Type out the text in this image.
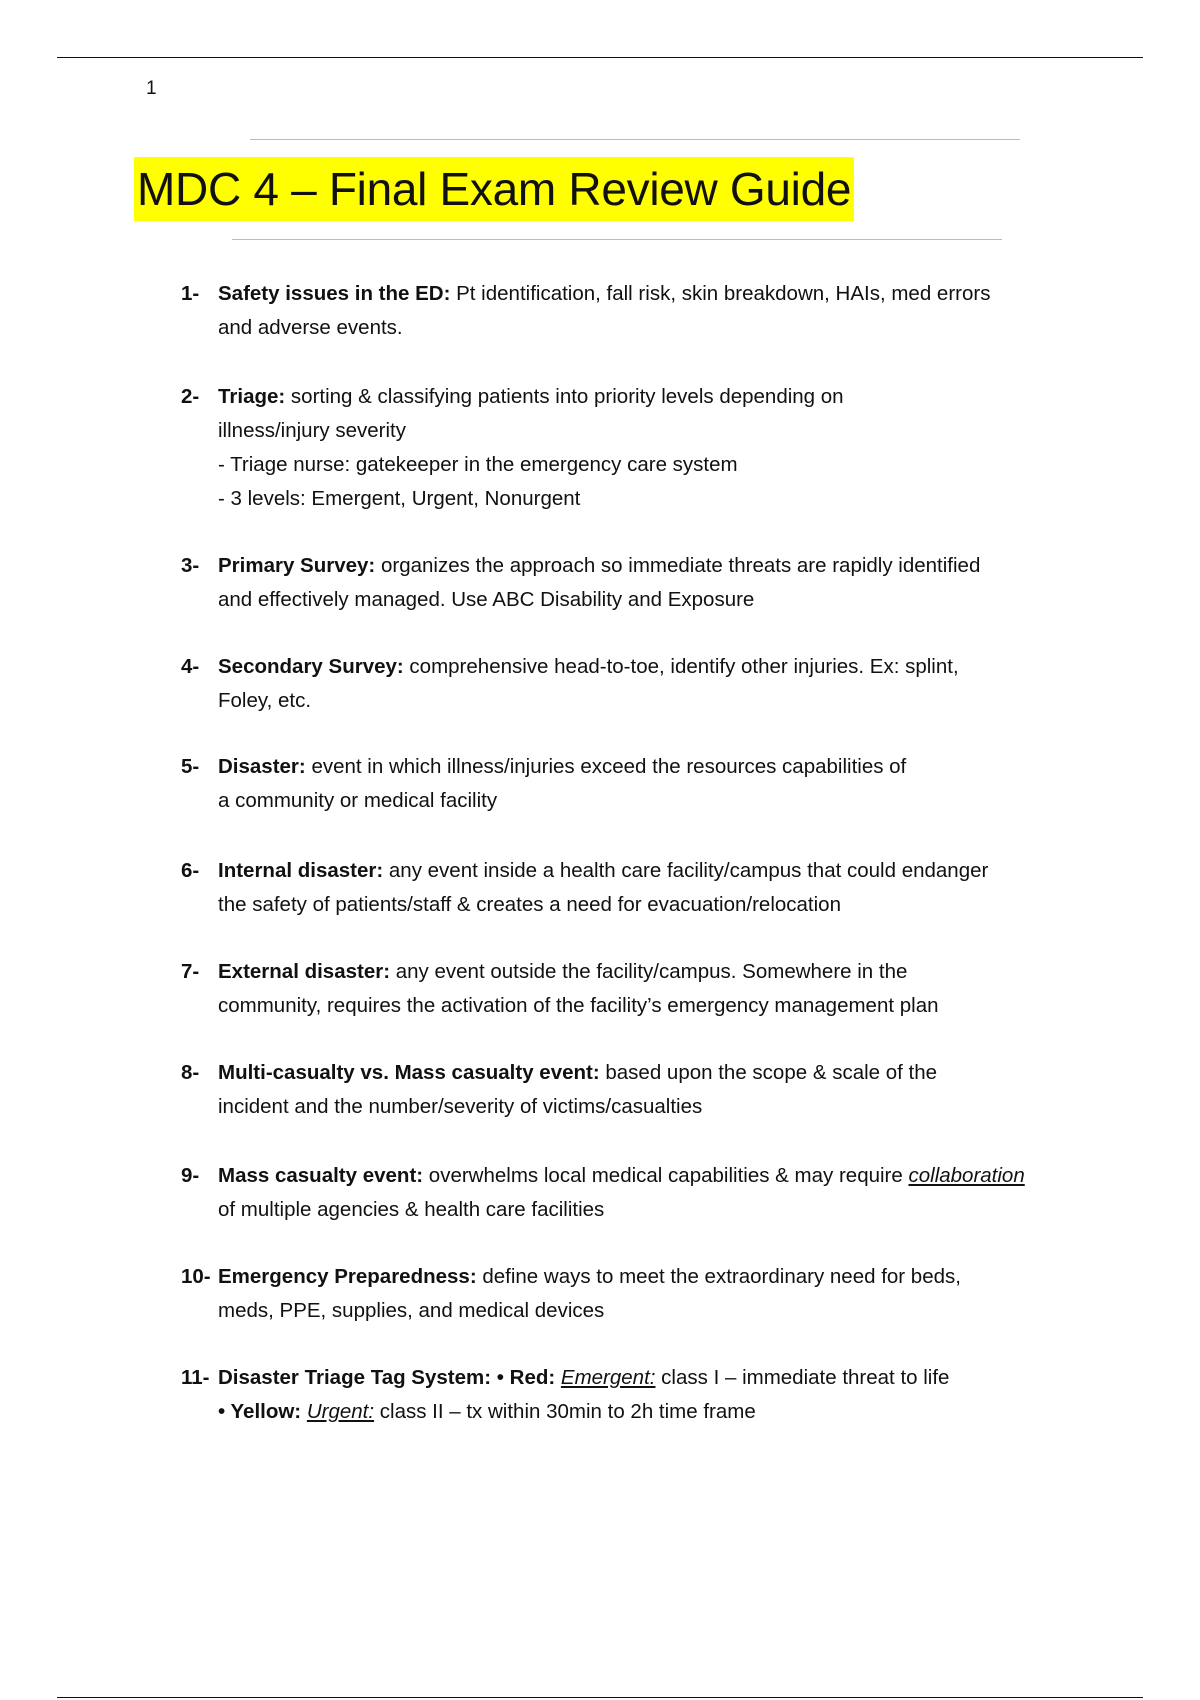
1
MDC 4 – Final Exam Review Guide
1- Safety issues in the ED: Pt identification, fall risk, skin breakdown, HAIs, med errors
and adverse events.
2- Triage: sorting & classifying patients into priority levels depending on
illness/injury severity
- Triage nurse: gatekeeper in the emergency care system
- 3 levels: Emergent, Urgent, Nonurgent
3- Primary Survey: organizes the approach so immediate threats are rapidly identified
and effectively managed. Use ABC Disability and Exposure
4- Secondary Survey: comprehensive head-to-toe, identify other injuries. Ex: splint,
Foley, etc.
5- Disaster: event in which illness/injuries exceed the resources capabilities of
a community or medical facility
6- Internal disaster: any event inside a health care facility/campus that could endanger
the safety of patients/staff & creates a need for evacuation/relocation
7- External disaster: any event outside the facility/campus. Somewhere in the
community, requires the activation of the facility’s emergency management plan
8- Multi-casualty vs. Mass casualty event: based upon the scope & scale of the
incident and the number/severity of victims/casualties
9- Mass casualty event: overwhelms local medical capabilities & may require collaboration
of multiple agencies & health care facilities
10- Emergency Preparedness: define ways to meet the extraordinary need for beds,
meds, PPE, supplies, and medical devices
11- Disaster Triage Tag System: • Red: Emergent: class I – immediate threat to life
• Yellow: Urgent: class II – tx within 30min to 2h time frame
